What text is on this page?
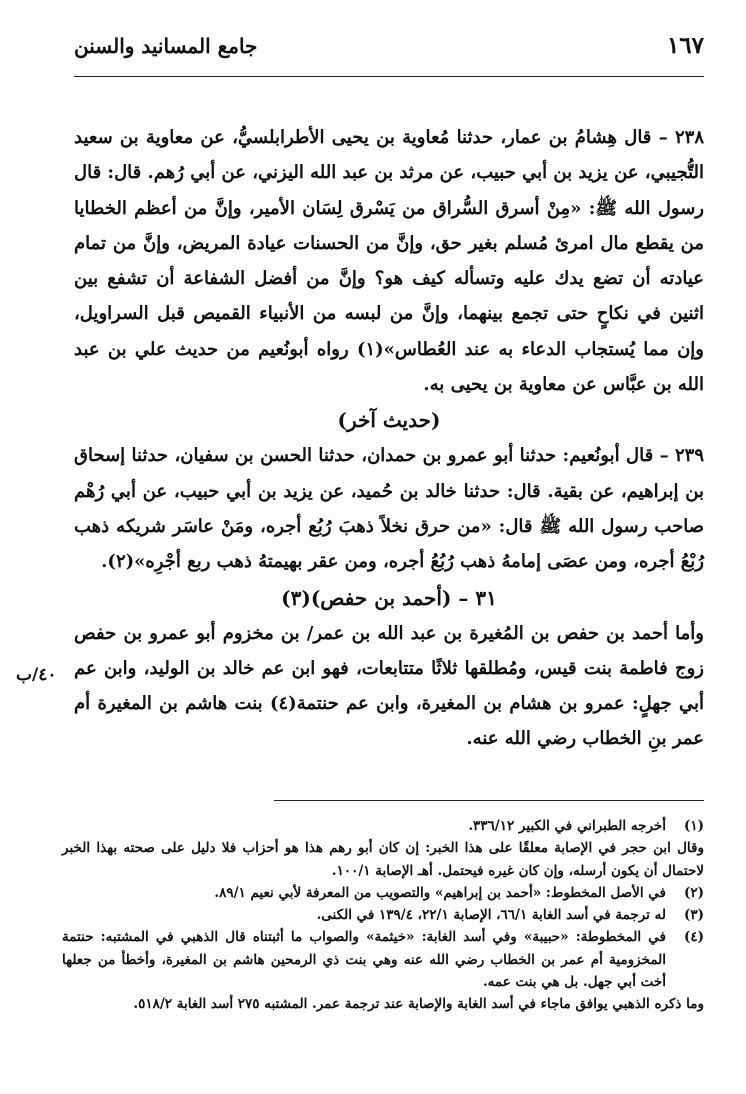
١٦٧
جامع المسانيد والسنن

٢٣٨ – قال هِشامُ بن عمار، حدثنا مُعاوية بن يحيى الأطرابلسيُّ، عن معاوية بن سعيد التُّجيبي، عن يزيد بن أبي حبيب، عن مرثد بن عبد الله اليزني، عن أبي رُهم. قال: قال رسول الله ﷺ: «مِنْ أسرق السُّراق من يَسْرق لِسَان الأمير، وإنَّ من أعظم الخطايا من يقطع مال امرئ مُسلم بغير حق، وإنَّ من الحسنات عيادة المريض، وإنَّ من تمام عيادته أن تضع يدك عليه وتسأله كيف هو؟ وإنَّ من أفضل الشفاعة أن تشفع بين اثنين في نكاحٍ حتى تجمع بينهما، وإنَّ من لبسه من الأنبياء القميص قبل السراويل، وإن مما يُستجاب الدعاء به عند العُطاس»(١) رواه أبونُعيم من حديث علي بن عبد الله بن عبَّاس عن معاوية بن يحيى به.

(حديث آخر)

٢٣٩ – قال أبونُعيم: حدثنا أبو عمرو بن حمدان، حدثنا الحسن بن سفيان، حدثنا إسحاق بن إبراهيم، عن بقية. قال: حدثنا خالد بن حُميد، عن يزيد بن أبي حبيب، عن أبي رُهْم صاحب رسول الله ﷺ قال: «من حرق نخلاً ذهبَ رُبُع أجره، ومَنْ عاسَر شريكه ذهب رُبْعُ أجره، ومن عصَى إمامهُ ذهب رُبُعُ أجره، ومن عقر بهيمتهُ ذهب ربع أجْرِه»(٢).

٣١ – (أحمد بن حفص)(٣)

وأما أحمد بن حفص بن المُغيرة بن عبد الله بن عمر/ بن مخزوم أبو عمرو بن حفص زوج فاطمة بنت قيس، ومُطلقها ثلاثًا متتابعات، فهو ابن عم خالد بن الوليد، وابن عم أبي جهلٍ: عمرو بن هشام بن المغيرة، وابن عم حنتمة(٤) بنت هاشم بن المغيرة أم عمر بنِ الخطاب رضي الله عنه.

٤٠/ب
(١)
أخرجه الطبراني في الكبير ٣٣٦/١٢.

وقال ابن حجر في الإصابة معلقًا على هذا الخبر: إن كان أبو رهم هذا هو أحزاب فلا دليل على صحته بهذا الخبر لاحتمال أن يكون أرسله، وإن كان غيره فيحتمل. أهـ الإصابة ١٠٠/١.

(٢)
في الأصل المخطوط: «أحمد بن إبراهيم» والتصويب من المعرفة لأبي نعيم ٨٩/١.
(٣)
له ترجمة في أسد الغابة ٦٦/١، الإصابة ٢٢/١، ١٣٩/٤ في الكنى.
(٤)
في المخطوطة: «حبيبة» وفي أسد الغابة: «خيثمة» والصواب ما أثبتناه قال الذهبي في المشتبه: حنتمة المخزومية أم عمر بن الخطاب رضي الله عنه وهي بنت ذي الرمحين هاشم بن المغيرة، وأخطأ من جعلها أخت أبي جهل. بل هي بنت عمه.

وما ذكره الذهبي يوافق ماجاء في أسد الغابة والإصابة عند ترجمة عمر. المشتبه ٢٧٥ أسد الغابة ٥١٨/٢.
